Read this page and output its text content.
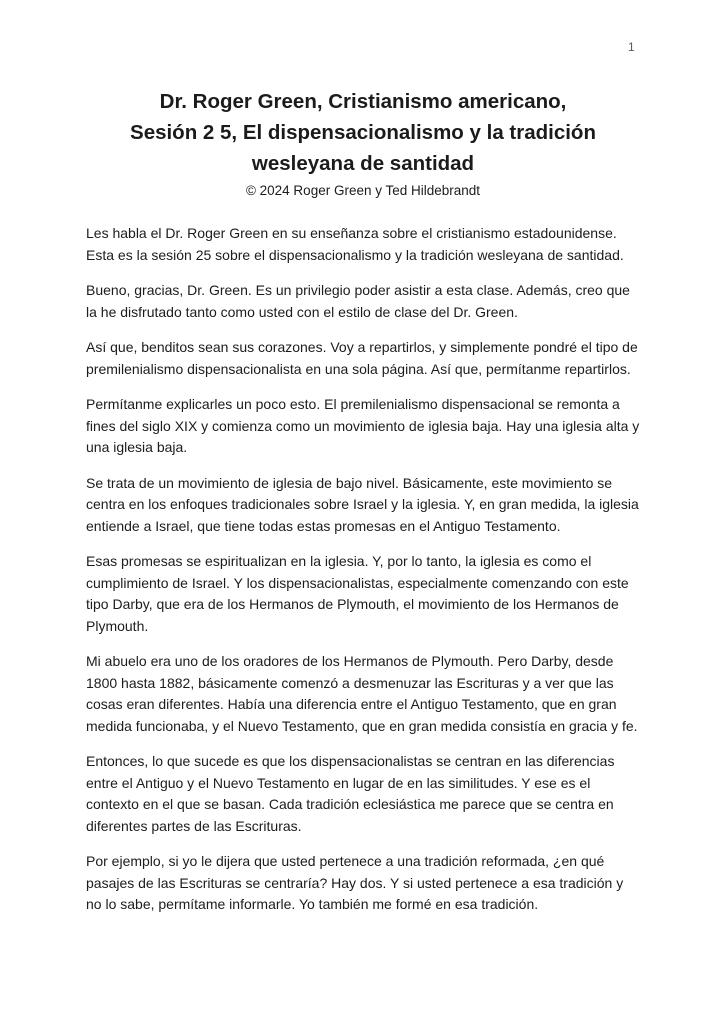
1
Dr. Roger Green, Cristianismo americano,
Sesión 2 5, El dispensacionalismo y la tradición
wesleyana de santidad
© 2024 Roger Green y Ted Hildebrandt

Les habla el Dr. Roger Green en su enseñanza sobre el cristianismo estadounidense. Esta es la sesión 25 sobre el dispensacionalismo y la tradición wesleyana de santidad.

Bueno, gracias, Dr. Green. Es un privilegio poder asistir a esta clase. Además, creo que la he disfrutado tanto como usted con el estilo de clase del Dr. Green.

Así que, benditos sean sus corazones. Voy a repartirlos, y simplemente pondré el tipo de premilenialismo dispensacionalista en una sola página. Así que, permítanme repartirlos.

Permítanme explicarles un poco esto. El premilenialismo dispensacional se remonta a fines del siglo XIX y comienza como un movimiento de iglesia baja. Hay una iglesia alta y una iglesia baja.

Se trata de un movimiento de iglesia de bajo nivel. Básicamente, este movimiento se centra en los enfoques tradicionales sobre Israel y la iglesia. Y, en gran medida, la iglesia entiende a Israel, que tiene todas estas promesas en el Antiguo Testamento.

Esas promesas se espiritualizan en la iglesia. Y, por lo tanto, la iglesia es como el cumplimiento de Israel. Y los dispensacionalistas, especialmente comenzando con este tipo Darby, que era de los Hermanos de Plymouth, el movimiento de los Hermanos de Plymouth.

Mi abuelo era uno de los oradores de los Hermanos de Plymouth. Pero Darby, desde 1800 hasta 1882, básicamente comenzó a desmenuzar las Escrituras y a ver que las cosas eran diferentes. Había una diferencia entre el Antiguo Testamento, que en gran medida funcionaba, y el Nuevo Testamento, que en gran medida consistía en gracia y fe.

Entonces, lo que sucede es que los dispensacionalistas se centran en las diferencias entre el Antiguo y el Nuevo Testamento en lugar de en las similitudes. Y ese es el contexto en el que se basan. Cada tradición eclesiástica me parece que se centra en diferentes partes de las Escrituras.

Por ejemplo, si yo le dijera que usted pertenece a una tradición reformada, ¿en qué pasajes de las Escrituras se centraría? Hay dos. Y si usted pertenece a esa tradición y no lo sabe, permítame informarle. Yo también me formé en esa tradición.
